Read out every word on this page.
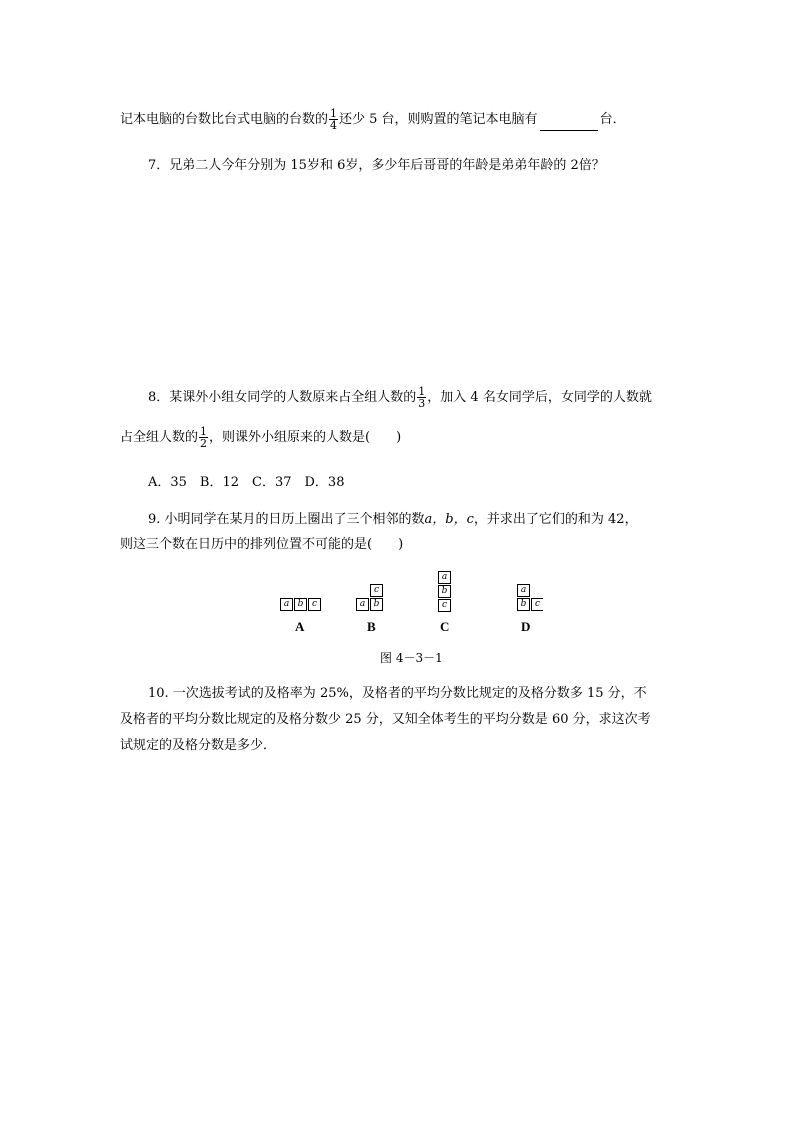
记本电脑的台数比台式电脑的台数的 $\frac{1}{4}$ 还少 5 台，则购置的笔记本电脑有	台．
7．兄弟二人今年分别为 15岁和 6岁，多少年后哥哥的年龄是弟弟年龄的 2倍？
8．某课外小组女同学的人数原来占全组人数的 $\frac{1}{3}$ ，加入 4 名女同学后，女同学的人数就
占全组人数的 $\frac{1}{2}$ ，则课外小组原来的人数是(　　)
A．35　B．12　C．37　D．38
9. 小明同学在某月的日历上圈出了三个相邻的数a，b，c，并求出了它们的和为 42，
则这三个数在日历中的排列位置不可能的是(　　)
a b c
c
a b
a
b
c
a
b c
A	B	C	D
图 4－3－1
10. 一次选拔考试的及格率为 25%，及格者的平均分数比规定的及格分数多 15 分，不
及格者的平均分数比规定的及格分数少 25 分，又知全体考生的平均分数是 60 分，求这次考
试规定的及格分数是多少．
